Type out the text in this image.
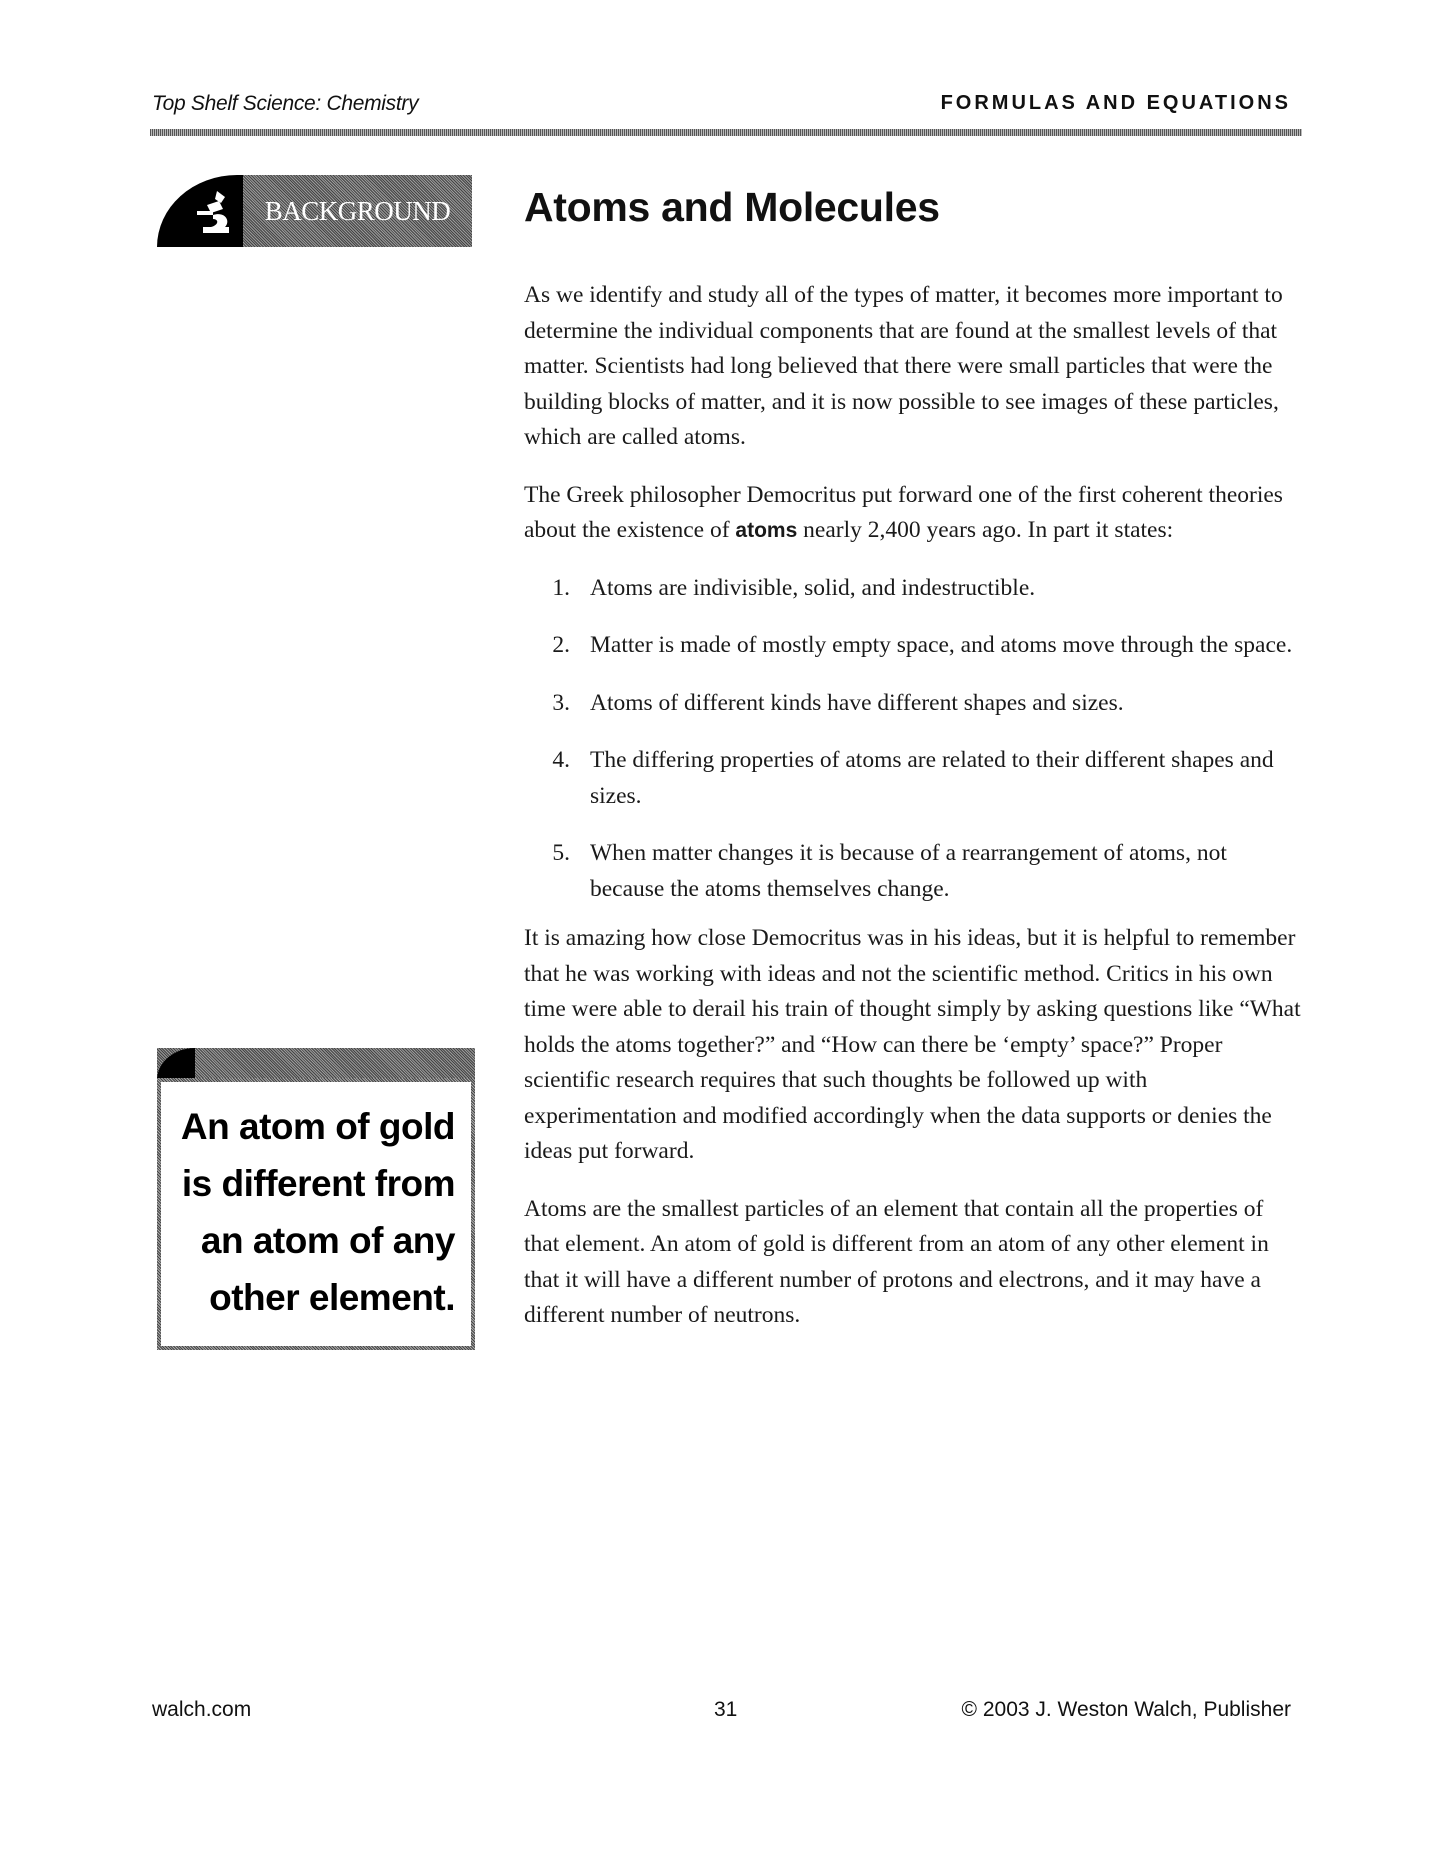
Top Shelf Science: Chemistry	FORMULAS AND EQUATIONS
BACKGROUND Atoms and Molecules

As we identify and study all of the types of matter, it becomes more important to determine the individual components that are found at the smallest levels of that matter. Scientists had long believed that there were small particles that were the building blocks of matter, and it is now possible to see images of these particles, which are called atoms.

The Greek philosopher Democritus put forward one of the first coherent theories about the existence of atoms nearly 2,400 years ago. In part it states:

1. Atoms are indivisible, solid, and indestructible.
2. Matter is made of mostly empty space, and atoms move through the space.
3. Atoms of different kinds have different shapes and sizes.
4. The differing properties of atoms are related to their different shapes and sizes.
5. When matter changes it is because of a rearrangement of atoms, not because the atoms themselves change.

It is amazing how close Democritus was in his ideas, but it is helpful to remember that he was working with ideas and not the scientific method. Critics in his own time were able to derail his train of thought simply by asking questions like “What holds the atoms together?” and “How can there be ‘empty’ space?” Proper scientific research requires that such thoughts be followed up with experimentation and modified accordingly when the data supports or denies the ideas put forward.

Atoms are the smallest particles of an element that contain all the properties of that element. An atom of gold is different from an atom of any other element in that it will have a different number of protons and electrons, and it may have a different number of neutrons.

An atom of gold
is different from
an atom of any
other element.
walch.com	31	© 2003 J. Weston Walch, Publisher
